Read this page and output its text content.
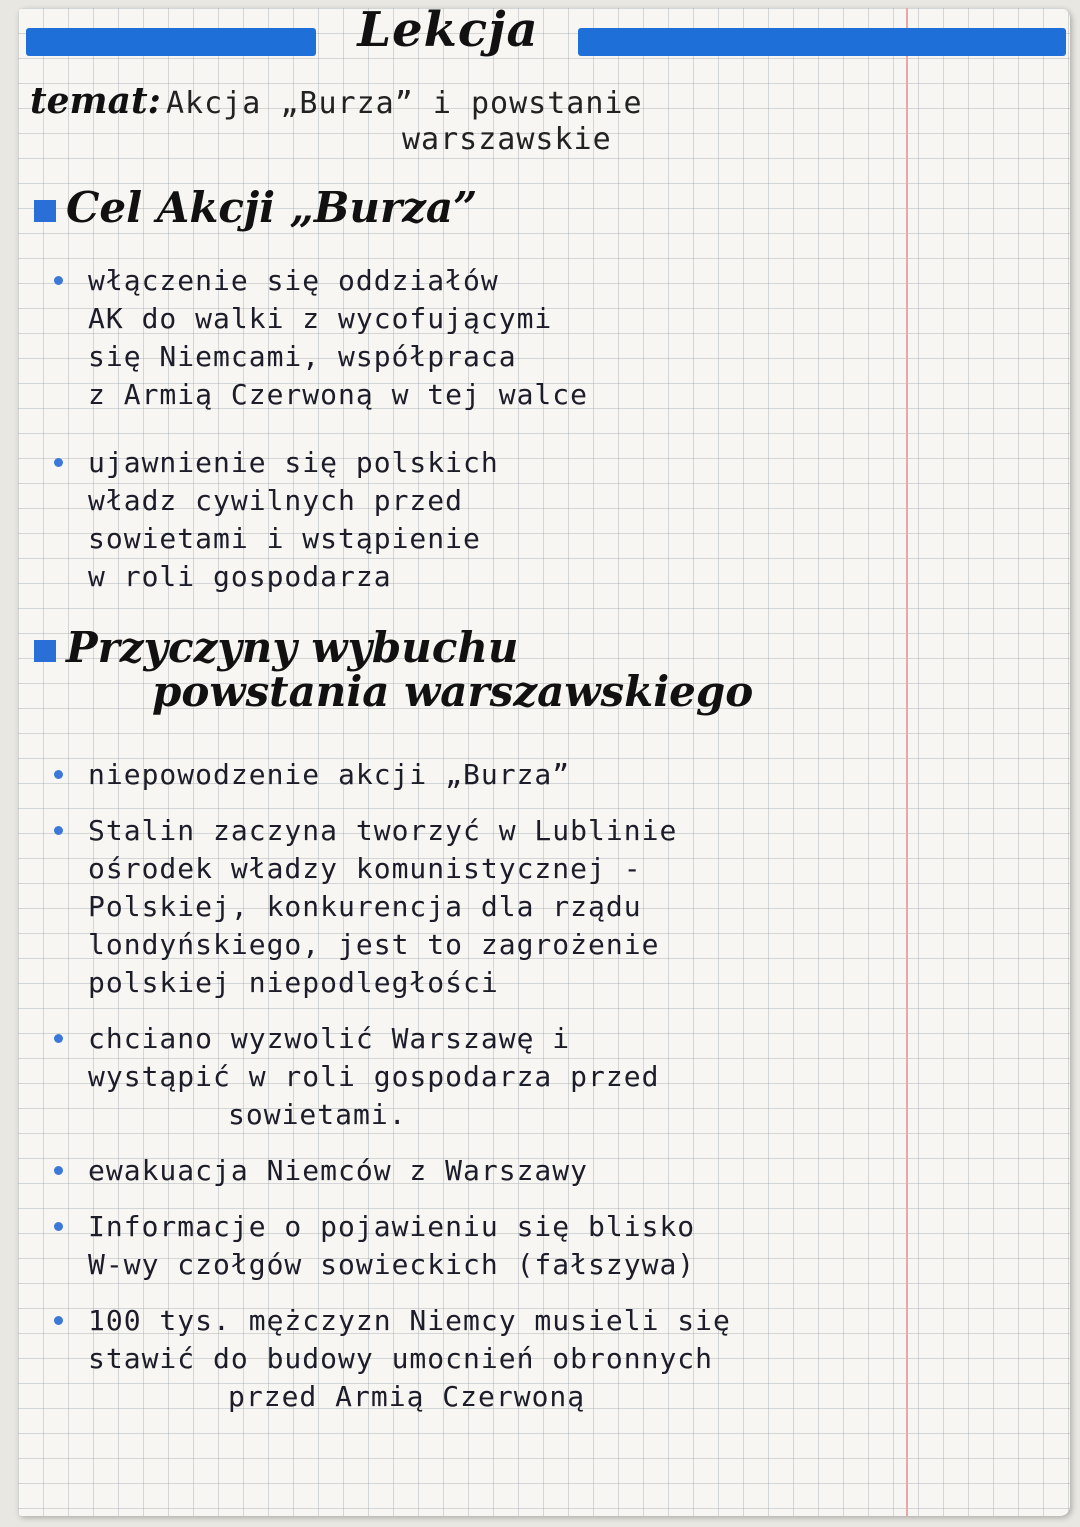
Lekcja
temat: Akcja „Burza” i powstanie
warszawskie
Cel Akcji „Burza”
włączenie się oddziałów
AK do walki z wycofującymi
się Niemcami, współpraca
z Armią Czerwoną w tej walce
ujawnienie się polskich
władz cywilnych przed
sowietami i wstąpienie
w roli gospodarza
Przyczyny wybuchu
powstania warszawskiego
niepowodzenie akcji „Burza”
Stalin zaczyna tworzyć w Lublinie
ośrodek władzy komunistycznej -
Polskiej, konkurencja dla rządu
londyńskiego, jest to zagrożenie
polskiej niepodległości
chciano wyzwolić Warszawę i
wystąpić w roli gospodarza przed
sowietami.
ewakuacja Niemców z Warszawy
Informacje o pojawieniu się blisko
W-wy czołgów sowieckich (fałszywa)
100 tys. mężczyzn Niemcy musieli się
stawić do budowy umocnień obronnych
przed Armią Czerwoną
